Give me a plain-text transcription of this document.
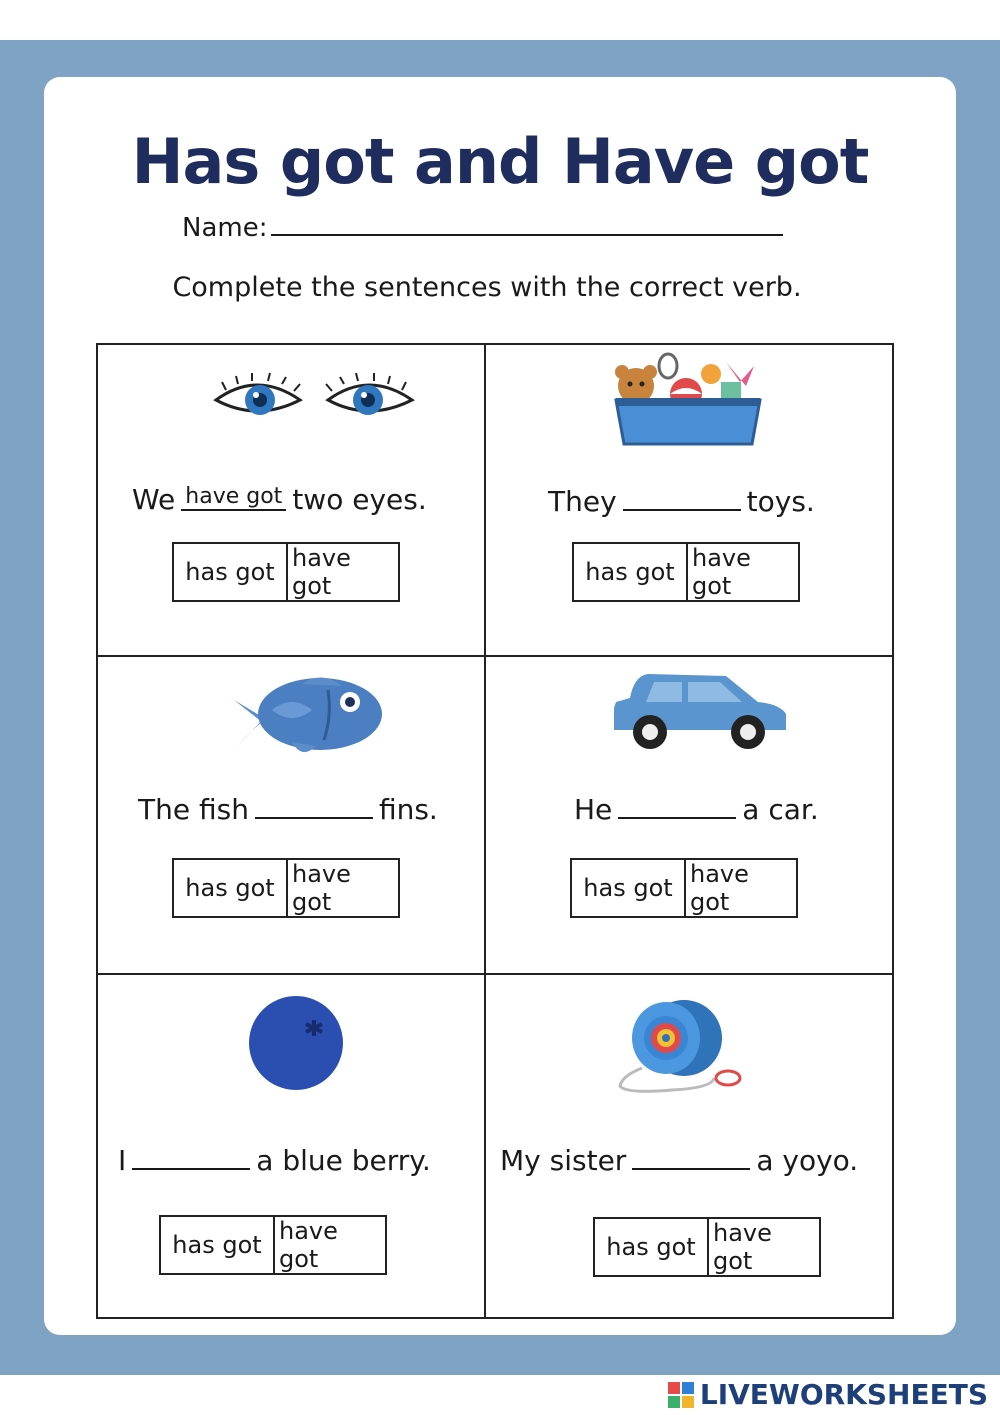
Has got and Have got
Name:
Complete the sentences with the correct verb.
We have got two eyes.
has got have got
They	toys.
has got have got
The fish	fins.
has got have got
He	a car.
has got have got
I	a blue berry.
has got have got
My sister	a yoyo.
has got have got
LIVEWORKSHEETS
